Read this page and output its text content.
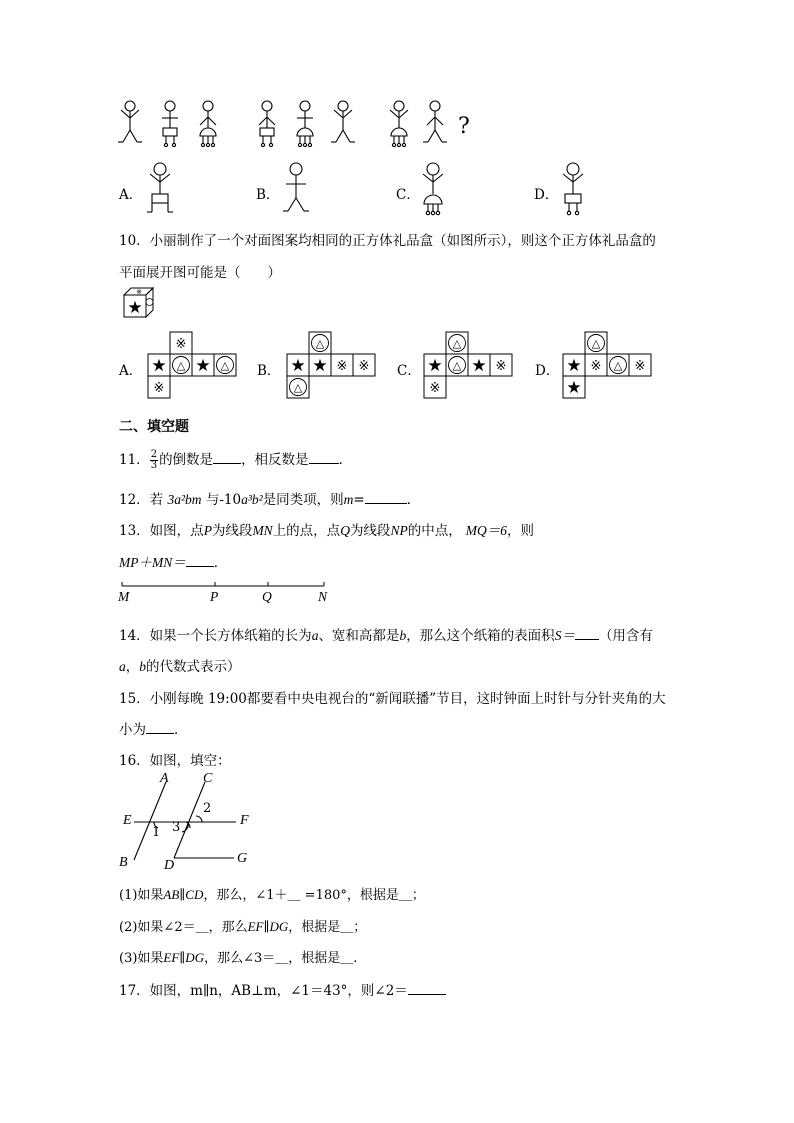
?
A．	B．	C．	D．
10．小丽制作了一个对面图案均相同的正方体礼品盒（如图所示），则这个正方体礼品盒的
平面展开图可能是（　　）
★
※
A．	B．	C．	D．
※
★ △ ★ △
※
△
★ ★ ※ ※
△
△
★ △ ★ ※
※
△
★ ※ △ ※
★
二、填空题
11． $\frac{2}{3}$ 的倒数是 ，相反数是 ．
12．若 3a²bm 与-10a³b²是同类项，则m=	．
13．如图，点P为线段MN上的点，点Q为线段NP的中点， MQ＝6，则
MP＋MN＝ ．
M	P	Q	N
14．如果一个长方体纸箱的长为a、宽和高都是b，那么这个纸箱的表面积S＝ （用含有
a，b的代数式表示）
15．小刚每晚 19:00都要看中央电视台的“新闻联播”节目，这时钟面上时针与分针夹角的大
小为 ．
16．如图，填空：
A C
E	F
B	D	G
1
2
3
(1)如果AB∥CD，那么，∠1＋＿ =180°，根据是＿；
(2)如果∠2＝＿，那么EF∥DG，根据是＿；
(3)如果EF∥DG，那么∠3＝＿，根据是＿.
17．如图，m∥n，AB⊥m，∠1＝43°，则∠2＝
